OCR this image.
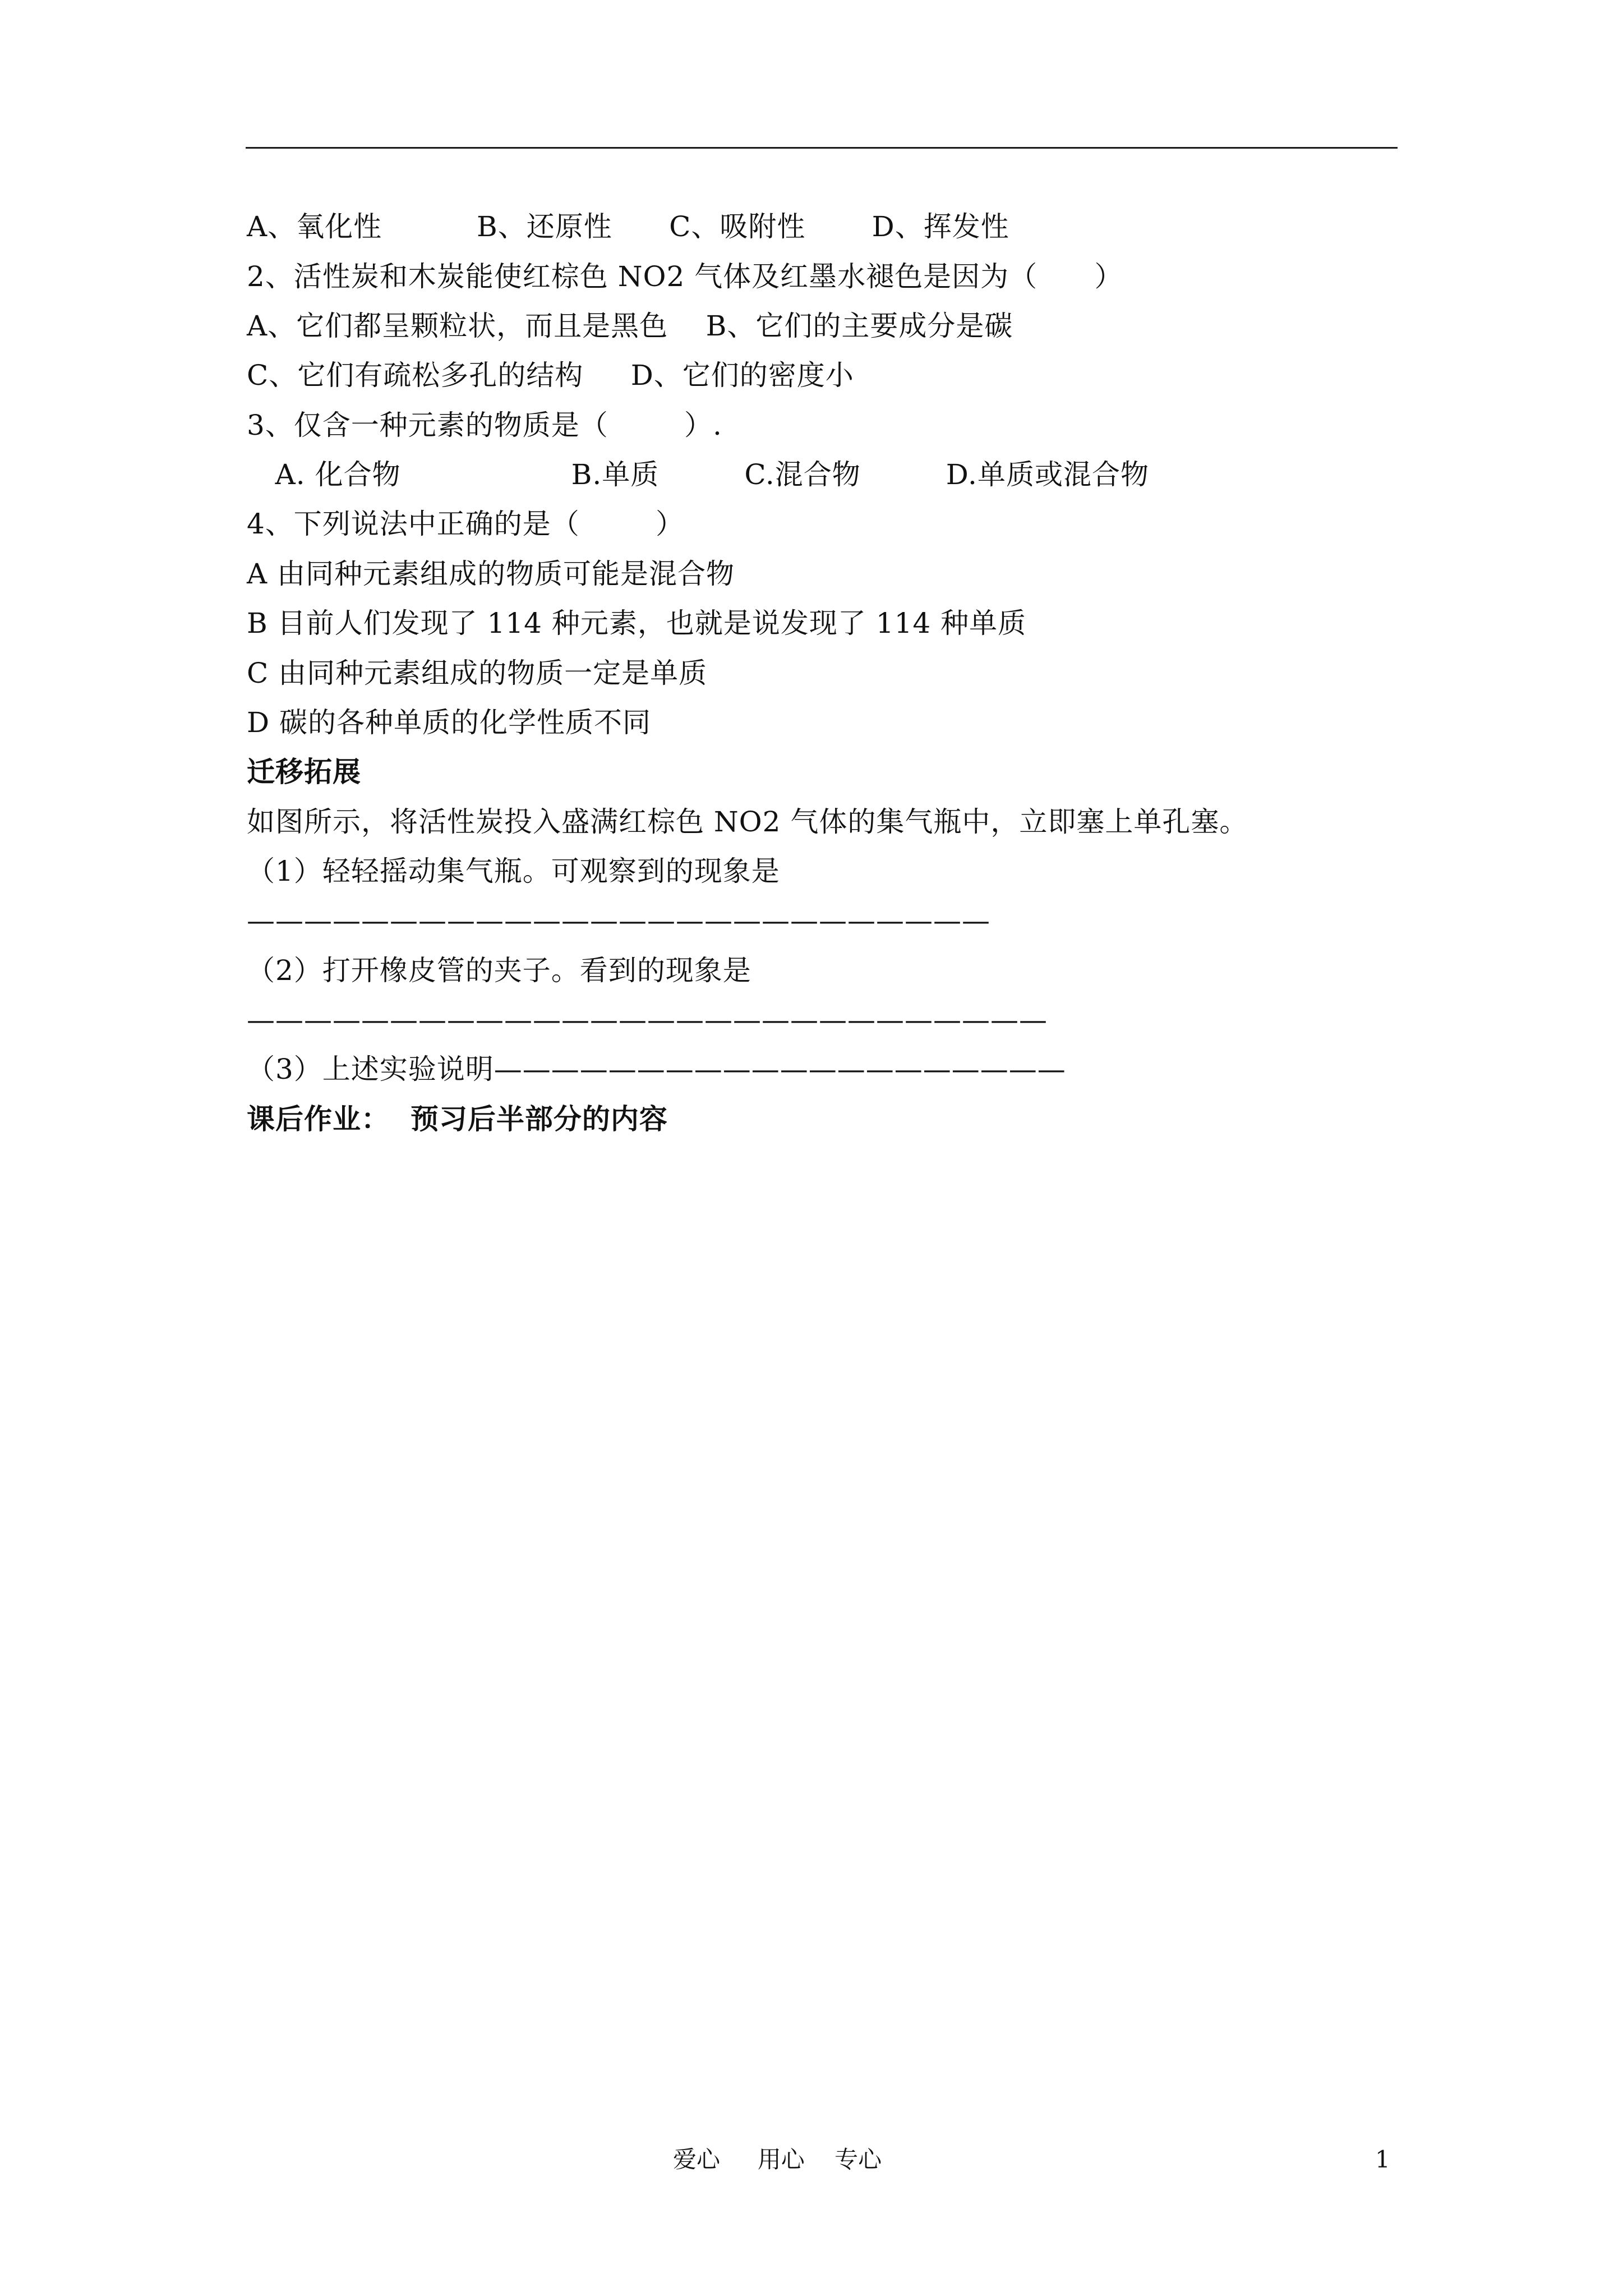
A、氧化性          B、还原性      C、吸附性       D、挥发性
2、活性炭和木炭能使红棕色 NO2 气体及红墨水褪色是因为（      ）
A、它们都呈颗粒状，而且是黑色    B、它们的主要成分是碳
C、它们有疏松多孔的结构     D、它们的密度小
3、仅含一种元素的物质是（        ）.
A. 化合物                  B.单质         C.混合物         D.单质或混合物
4、下列说法中正确的是（        ）
A 由同种元素组成的物质可能是混合物
B 目前人们发现了 114 种元素，也就是说发现了 114 种单质
C 由同种元素组成的物质一定是单质
D 碳的各种单质的化学性质不同
迁移拓展
如图所示，将活性炭投入盛满红棕色 NO2 气体的集气瓶中，立即塞上单孔塞。
（1）轻轻摇动集气瓶。可观察到的现象是
——————————————————————————
（2）打开橡皮管的夹子。看到的现象是
————————————————————————————
（3）上述实验说明————————————————————
课后作业：  预习后半部分的内容
爱心     用心    专心	1
